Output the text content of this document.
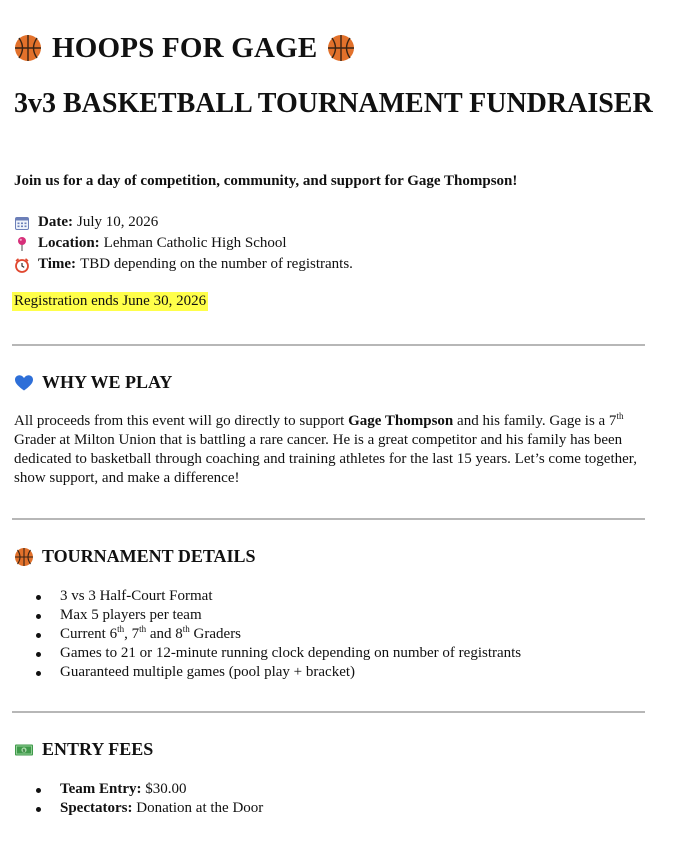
HOOPS FOR GAGE
3v3 BASKETBALL TOURNAMENT FUNDRAISER
Join us for a day of competition, community, and support for Gage Thompson!
Date: July 10, 2026
Location: Lehman Catholic High School
Time: TBD depending on the number of registrants.
Registration ends June 30, 2026
WHY WE PLAY
All proceeds from this event will go directly to support Gage Thompson and his family. Gage is a 7th Grader at Milton Union that is battling a rare cancer. He is a great competitor and his family has been dedicated to basketball through coaching and training athletes for the last 15 years. Let’s come together, show support, and make a difference!
TOURNAMENT DETAILS
3 vs 3 Half-Court Format
Max 5 players per team
Current 6th, 7th and 8th Graders
Games to 21 or 12-minute running clock depending on number of registrants
Guaranteed multiple games (pool play + bracket)
$ ENTRY FEES
Team Entry: $30.00
Spectators: Donation at the Door
